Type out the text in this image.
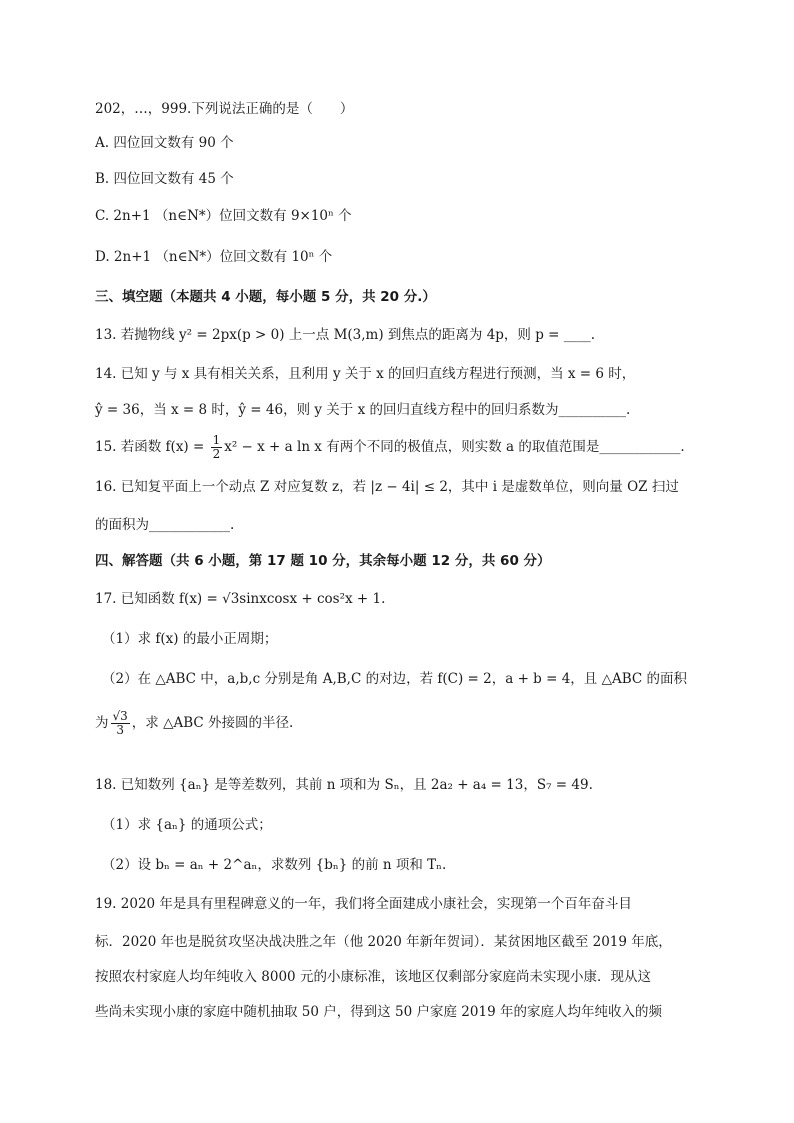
202，…，999.下列说法正确的是（　　）
A. 四位回文数有 90 个
B. 四位回文数有 45 个
C. 2n+1 （n∈N*）位回文数有 9×10ⁿ 个
D. 2n+1 （n∈N*）位回文数有 10ⁿ 个
三、填空题（本题共 4 小题，每小题 5 分，共 20 分.）
13. 若抛物线 y² = 2px(p > 0) 上一点 M(3,m) 到焦点的距离为 4p，则 p = ____.
14. 已知 y 与 x 具有相关关系，且利用 y 关于 x 的回归直线方程进行预测，当 x = 6 时，
ŷ = 36，当 x = 8 时，ŷ = 46，则 y 关于 x 的回归直线方程中的回归系数为__________.
16. 已知复平面上一个动点 Z 对应复数 z，若 |z − 4i| ≤ 2，其中 i 是虚数单位，则向量 OZ 扫过
的面积为____________.
四、解答题（共 6 小题，第 17 题 10 分，其余每小题 12 分，共 60 分）
17. 已知函数 f(x) = √3sinxcosx + cos²x + 1.
（1）求 f(x) 的最小正周期；
（2）在 △ABC 中，a,b,c 分别是角 A,B,C 的对边，若 f(C) = 2，a + b = 4，且 △ABC 的面积
18. 已知数列 {aₙ} 是等差数列，其前 n 项和为 Sₙ，且 2a₂ + a₄ = 13，S₇ = 49.
（1）求 {aₙ} 的通项公式；
（2）设 bₙ = aₙ + 2^aₙ，求数列 {bₙ} 的前 n 项和 Tₙ.
19. 2020 年是具有里程碑意义的一年，我们将全面建成小康社会，实现第一个百年奋斗目
标．2020 年也是脱贫攻坚决战决胜之年（他 2020 年新年贺词）．某贫困地区截至 2019 年底，
按照农村家庭人均年纯收入 8000 元的小康标准，该地区仅剩部分家庭尚未实现小康．现从这
些尚未实现小康的家庭中随机抽取 50 户，得到这 50 户家庭 2019 年的家庭人均年纯收入的频
15. 若函数 $f(x) = \frac{1}{2} x^2 - x + a$ ln x 有两个不同的极值点，则实数 a 的取值范围是____________.
为 $\frac{√3}{3}$ ，求 △ABC 外接圆的半径.
